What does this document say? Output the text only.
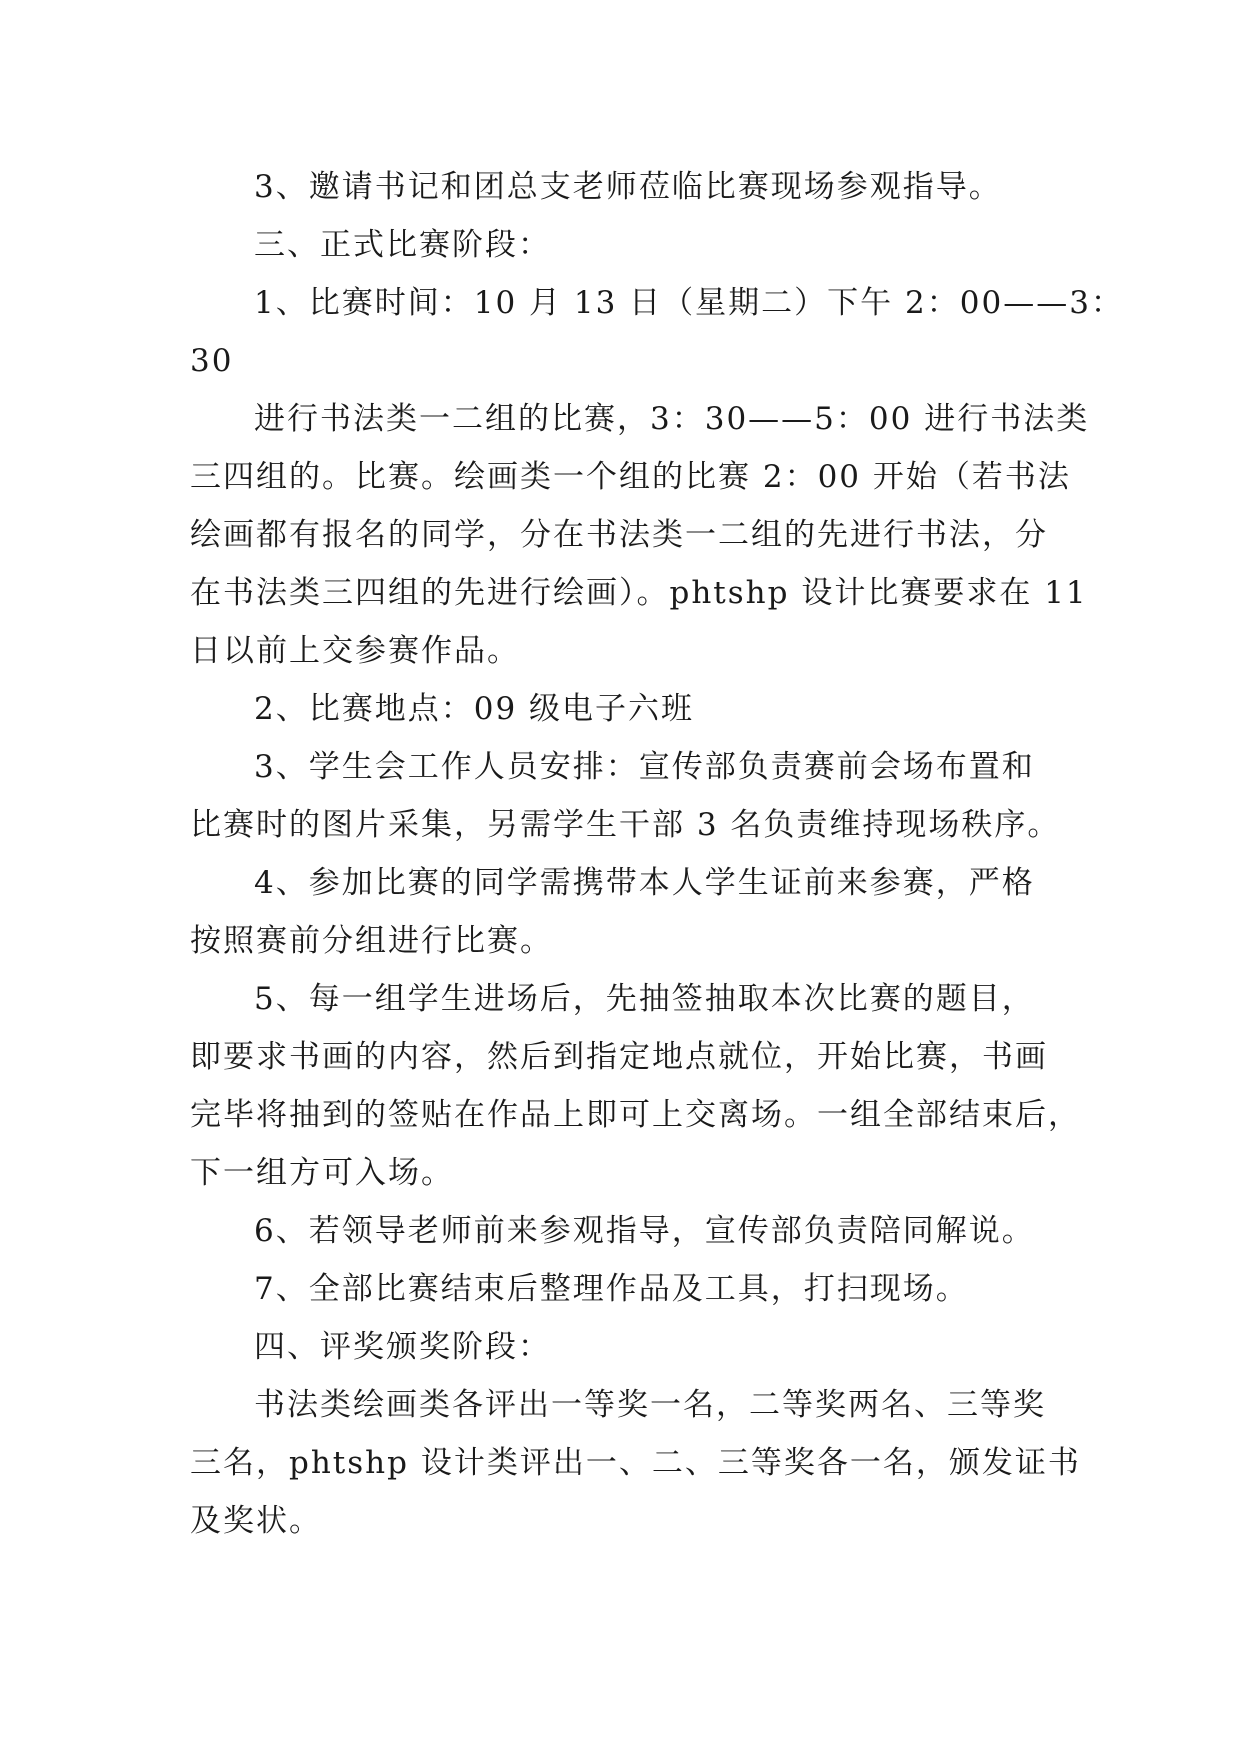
3、邀请书记和团总支老师莅临比赛现场参观指导。
三、正式比赛阶段：
1、比赛时间：10 月 13 日（星期二）下午 2：00——3：
30
进行书法类一二组的比赛，3：30——5：00 进行书法类
三四组的。比赛。绘画类一个组的比赛 2：00 开始（若书法
绘画都有报名的同学，分在书法类一二组的先进行书法，分
在书法类三四组的先进行绘画）。phtshp 设计比赛要求在 11
日以前上交参赛作品。
2、比赛地点：09 级电子六班
3、学生会工作人员安排：宣传部负责赛前会场布置和
比赛时的图片采集，另需学生干部 3 名负责维持现场秩序。
4、参加比赛的同学需携带本人学生证前来参赛，严格
按照赛前分组进行比赛。
5、每一组学生进场后，先抽签抽取本次比赛的题目，
即要求书画的内容，然后到指定地点就位，开始比赛，书画
完毕将抽到的签贴在作品上即可上交离场。一组全部结束后，
下一组方可入场。
6、若领导老师前来参观指导，宣传部负责陪同解说。
7、全部比赛结束后整理作品及工具，打扫现场。
四、评奖颁奖阶段：
书法类绘画类各评出一等奖一名，二等奖两名、三等奖
三名，phtshp 设计类评出一、二、三等奖各一名，颁发证书
及奖状。
